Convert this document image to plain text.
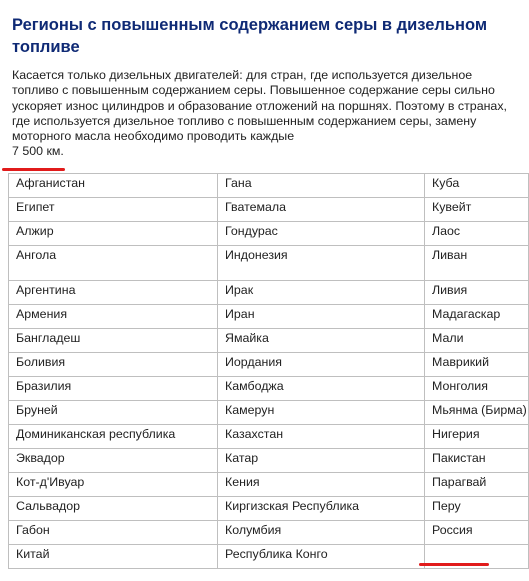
Регионы с повышенным содержанием серы в дизельном топливе

Касается только дизельных двигателей: для стран, где используется дизельное топливо с повышенным содержанием серы. Повышенное содержание серы сильно ускоряет износ цилиндров и образование отложений на поршнях. Поэтому в странах, где используется дизельное топливо с повышенным содержанием серы, замену моторного масла необходимо проводить каждые
7 500 км.

Афганистан	Гана	Куба
Египет	Гватемала	Кувейт
Алжир	Гондурас	Лаос
Ангола	Индонезия	Ливан
Аргентина	Ирак	Ливия
Армения	Иран	Мадагаскар
Бангладеш	Ямайка	Мали
Боливия	Иордания	Маврикий
Бразилия	Камбоджа	Монголия
Бруней	Камерун	Мьянма (Бирма)
Доминиканская республика	Казахстан	Нигерия
Эквадор	Катар	Пакистан
Кот-д'Ивуар	Кения	Парагвай
Сальвадор	Киргизская Республика	Перу
Габон	Колумбия	Россия
Китай	Республика Конго	
